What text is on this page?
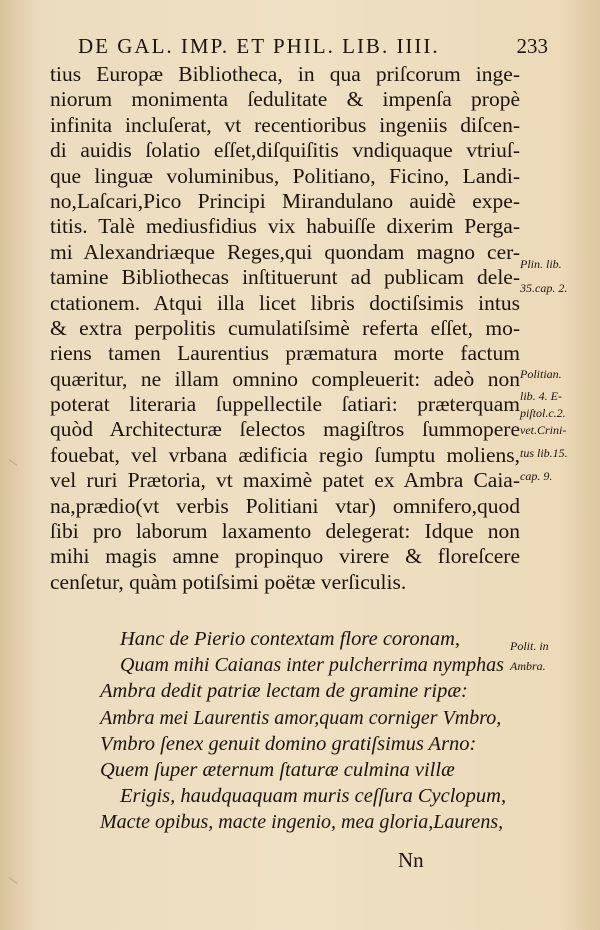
DE GAL. IMP. ET PHIL. LIB. IIII.	233
tius Europæ Bibliotheca, in qua priſcorum inge-
niorum monimenta ſedulitate & impenſa propè
infinita incluſerat, vt recentioribus ingeniis diſcen-
di auidis ſolatio eſſet,diſquiſitis vndiquaque vtriuſ-
que linguæ voluminibus, Politiano, Ficino, Landi-
no,Laſcari,Pico Principi Mirandulano auidè expe-
titis. Talè mediusfidius vix habuiſſe dixerim Perga-
mi Alexandriæque Reges,qui quondam magno cer-
tamine Bibliothecas inſtituerunt ad publicam dele-
ctationem. Atqui illa licet libris doctiſsimis intus
& extra perpolitis cumulatiſsimè referta eſſet, mo-
riens tamen Laurentius præmatura morte factum
quæritur, ne illam omnino compleuerit: adeò non
poterat literaria ſuppellectile ſatiari: præterquam
quòd Architecturæ ſelectos magiſtros ſummopere
fouebat, vel vrbana ædificia regio ſumptu moliens,
vel ruri Prætoria, vt maximè patet ex Ambra Caia-
na,prædio(vt verbis Politiani vtar) omnifero,quod
ſibi pro laborum laxamento delegerat: Idque non
mihi magis amne propinquo virere & floreſcere
cenſetur, quàm potiſsimi poëtæ verſiculis.
Hanc de Pierio contextam flore coronam,
Quam mihi Caianas inter pulcherrima nymphas
Ambra dedit patriæ lectam de gramine ripæ:
Ambra mei Laurentis amor,quam corniger Vmbro,
Vmbro ſenex genuit domino gratiſsimus Arno:
Quem ſuper æternum ſtaturæ culmina villæ
Erigis, haudquaquam muris ceſſura Cyclopum,
Macte opibus, macte ingenio, mea gloria,Laurens,
Plin. lib.
35.cap. 2.
Politian.
lib. 4. E-
piſtol.c.2.
vet.Crini-
tus lib.15.
cap. 9.
Polit. in
Ambra.
Nn
